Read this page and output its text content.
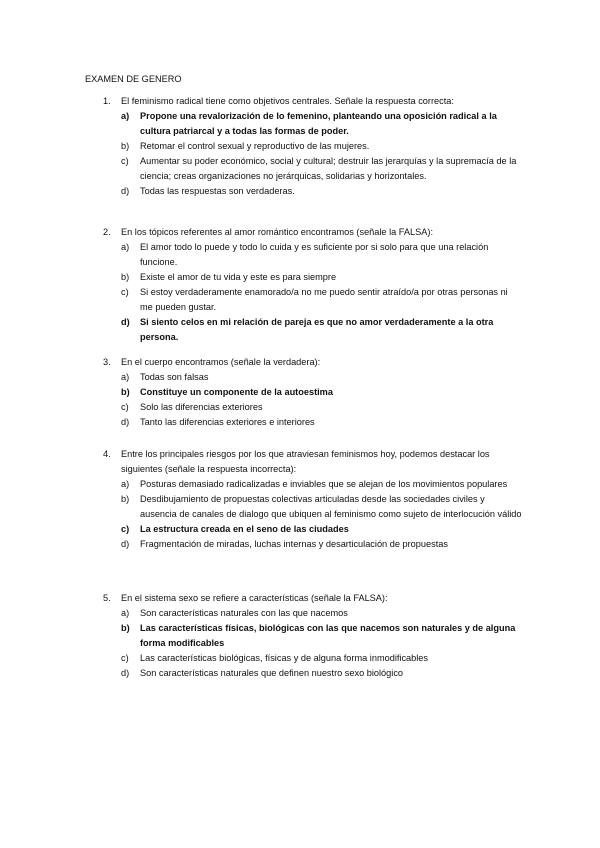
EXAMEN DE GENERO
1.	El feminismo radical tiene como objetivos centrales. Señale la respuesta correcta:
a)	Propone una revalorización de lo femenino, planteando una oposición radical a la cultura patriarcal y a todas las formas de poder.
b)	Retomar el control sexual y reproductivo de las mujeres.
c)	Aumentar su poder económico, social y cultural; destruir las jerarquías y la supremacía de la ciencia; creas organizaciones no jerárquicas, solidarias y horizontales.
d)	Todas las respuestas son verdaderas.
2.	En los tópicos referentes al amor romántico encontramos (señale la FALSA):
a)	El amor todo lo puede y todo lo cuida y es suficiente por si solo para que una relación funcione.
b)	Existe el amor de tu vida y este es para siempre
c)	Si estoy verdaderamente enamorado/a no me puedo sentir atraído/a por otras personas ni me pueden gustar.
d)	Si siento celos en mi relación de pareja es que no amor verdaderamente a la otra persona.
3.	En el cuerpo encontramos (señale la verdadera):
a)	Todas son falsas
b)	Constituye un componente de la autoestima
c)	Solo las diferencias exteriores
d)	Tanto las diferencias exteriores e interiores
4.	Entre los principales riesgos por los que atraviesan feminismos hoy, podemos destacar los siguientes (señale la respuesta incorrecta):
a)	Posturas demasiado radicalizadas e inviables que se alejan de los movimientos populares
b)	Desdibujamiento de propuestas colectivas articuladas desde las sociedades civiles y ausencia de canales de dialogo que ubiquen al feminismo como sujeto de interlocución válido
c)	La estructura creada en el seno de las ciudades
d)	Fragmentación de miradas, luchas internas y desarticulación de propuestas
5.	En el sistema sexo se refiere a características (señale la FALSA):
a)	Son características naturales con las que nacemos
b)	Las características físicas, biológicas con las que nacemos son naturales y de alguna forma modificables
c)	Las características biológicas, físicas y de alguna forma inmodificables
d)	Son características naturales que definen nuestro sexo biológico
